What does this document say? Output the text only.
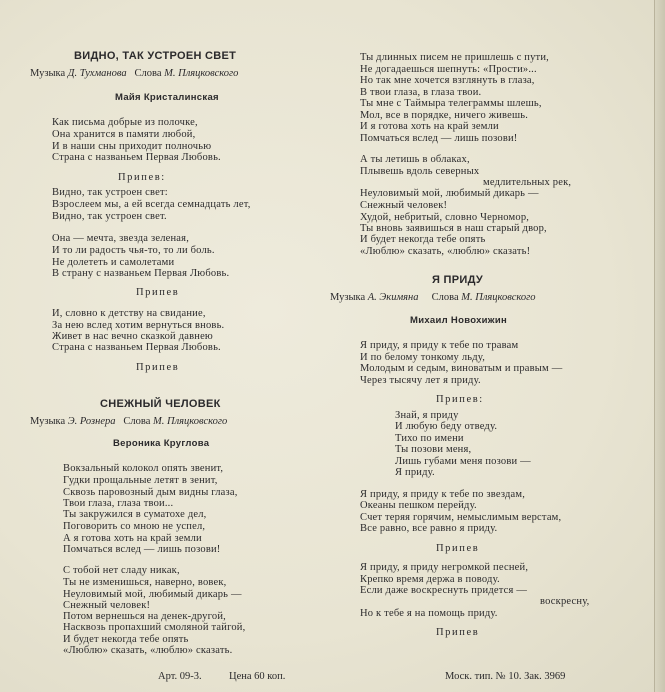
ВИДНО, ТАК УСТРОЕН СВЕТ
Музыка Д. Тухманова Слова М. Пляцковского
Майя Кристалинская
Как письма добрые из полочке,
Она хранится в памяти любой,
И в наши сны приходит полночью
Страна с названьем Первая Любовь.
Припев:
Видно, так устроен свет:
Взрослеем мы, а ей всегда семнадцать лет,
Видно, так устроен свет.
Она — мечта, звезда зеленая,
И то ли радость чья-то, то ли боль.
Не долететь и самолетами
В страну с названьем Первая Любовь.
Припев
И, словно к детству на свидание,
За нею вслед хотим вернуться вновь.
Живет в нас вечно сказкой давнею
Страна с названьем Первая Любовь.
Припев
СНЕЖНЫЙ ЧЕЛОВЕК
Музыка Э. Рознера Слова М. Пляцковского
Вероника Круглова
Вокзальный колокол опять звенит,
Гудки прощальные летят в зенит,
Сквозь паровозный дым видны глаза,
Твои глаза, глаза твои...
Ты закружился в суматохе дел,
Поговорить со мною не успел,
А я готова хоть на край земли
Помчаться вслед — лишь позови!
С тобой нет сладу никак,
Ты не изменишься, наверно, вовек,
Неуловимый мой, любимый дикарь —
Снежный человек!
Потом вернешься на денек-другой,
Насквозь пропахший смоляной тайгой,
И будет некогда тебе опять
«Люблю» сказать, «люблю» сказать.
Арт. 09-3.	Цена 60 коп.
Ты длинных писем не пришлешь с пути,
Не догадаешься шепнуть: «Прости»...
Но так мне хочется взглянуть в глаза,
В твои глаза, в глаза твои.
Ты мне с Таймыра телеграммы шлешь,
Мол, все в порядке, ничего живешь.
И я готова хоть на край земли
Помчаться вслед — лишь позови!
А ты летишь в облаках,
Плывешь вдоль северных
медлительных рек,
Неуловимый мой, любимый дикарь —
Снежный человек!
Худой, небритый, словно Черномор,
Ты вновь заявишься в наш старый двор,
И будет некогда тебе опять
«Люблю» сказать, «люблю» сказать!
Я ПРИДУ
Музыка А. Экимяна Слова М. Пляцковского
Михаил Новохижин
Я приду, я приду к тебе по травам
И по белому тонкому льду,
Молодым и седым, виноватым и правым —
Через тысячу лет я приду.
Припев:
Знай, я приду
И любую беду отведу.
Тихо по имени
Ты позови меня,
Лишь губами меня позови —
Я приду.
Я приду, я приду к тебе по звездам,
Океаны пешком перейду.
Счет теряя горячим, немыслимым верстам,
Все равно, все равно я приду.
Припев
Я приду, я приду негромкой песней,
Крепко время держа в поводу.
Если даже воскреснуть придется —
воскресну,
Но к тебе я на помощь приду.
Припев
Моск. тип. № 10. Зак. 3969
